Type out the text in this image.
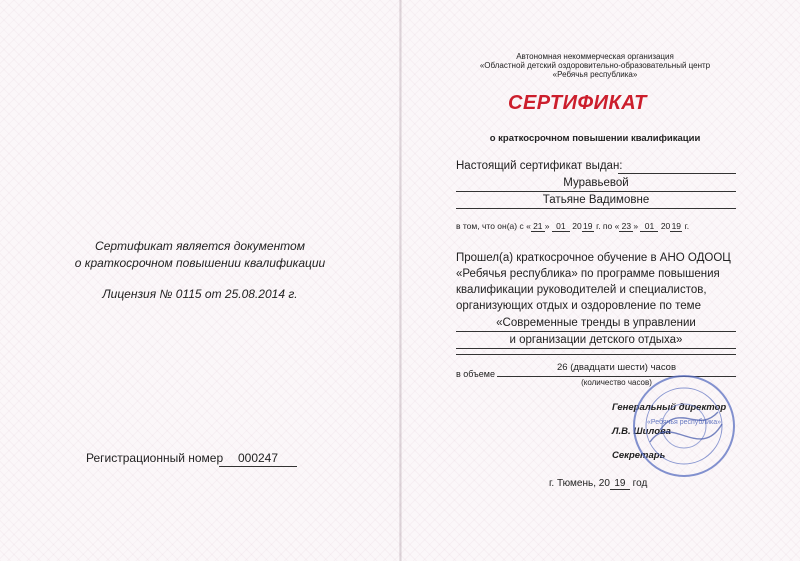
Сертификат является документом
о краткосрочном повышении квалификации
Лицензия № 0115 от 25.08.2014 г.
Регистрационный номер	000247
Автономная некоммерческая организация
«Областной детский оздоровительно-образовательный центр
«Ребячья республика»
СЕРТИФИКАТ
о краткосрочном повышении квалификации
Настоящий сертификат выдан:
Муравьевой
Татьяне Вадимовне
в том, что он(а) с « 21 » 01 2019 г. по « 23 » 01 2019 г.
Прошел(а) краткосрочное обучение в АНО ОДООЦ
«Ребячья республика» по программе повышения
квалификации руководителей и специалистов,
организующих отдых и оздоровление по теме
«Современные тренды в управлении
и организации детского отдыха»
в объеме
26 (двадцати шести) часов
(количество часов)
Генеральный директор
Л.В. Шилова
Секретарь
«Ребячья республика»
г. Тюмень, 20 19 год
